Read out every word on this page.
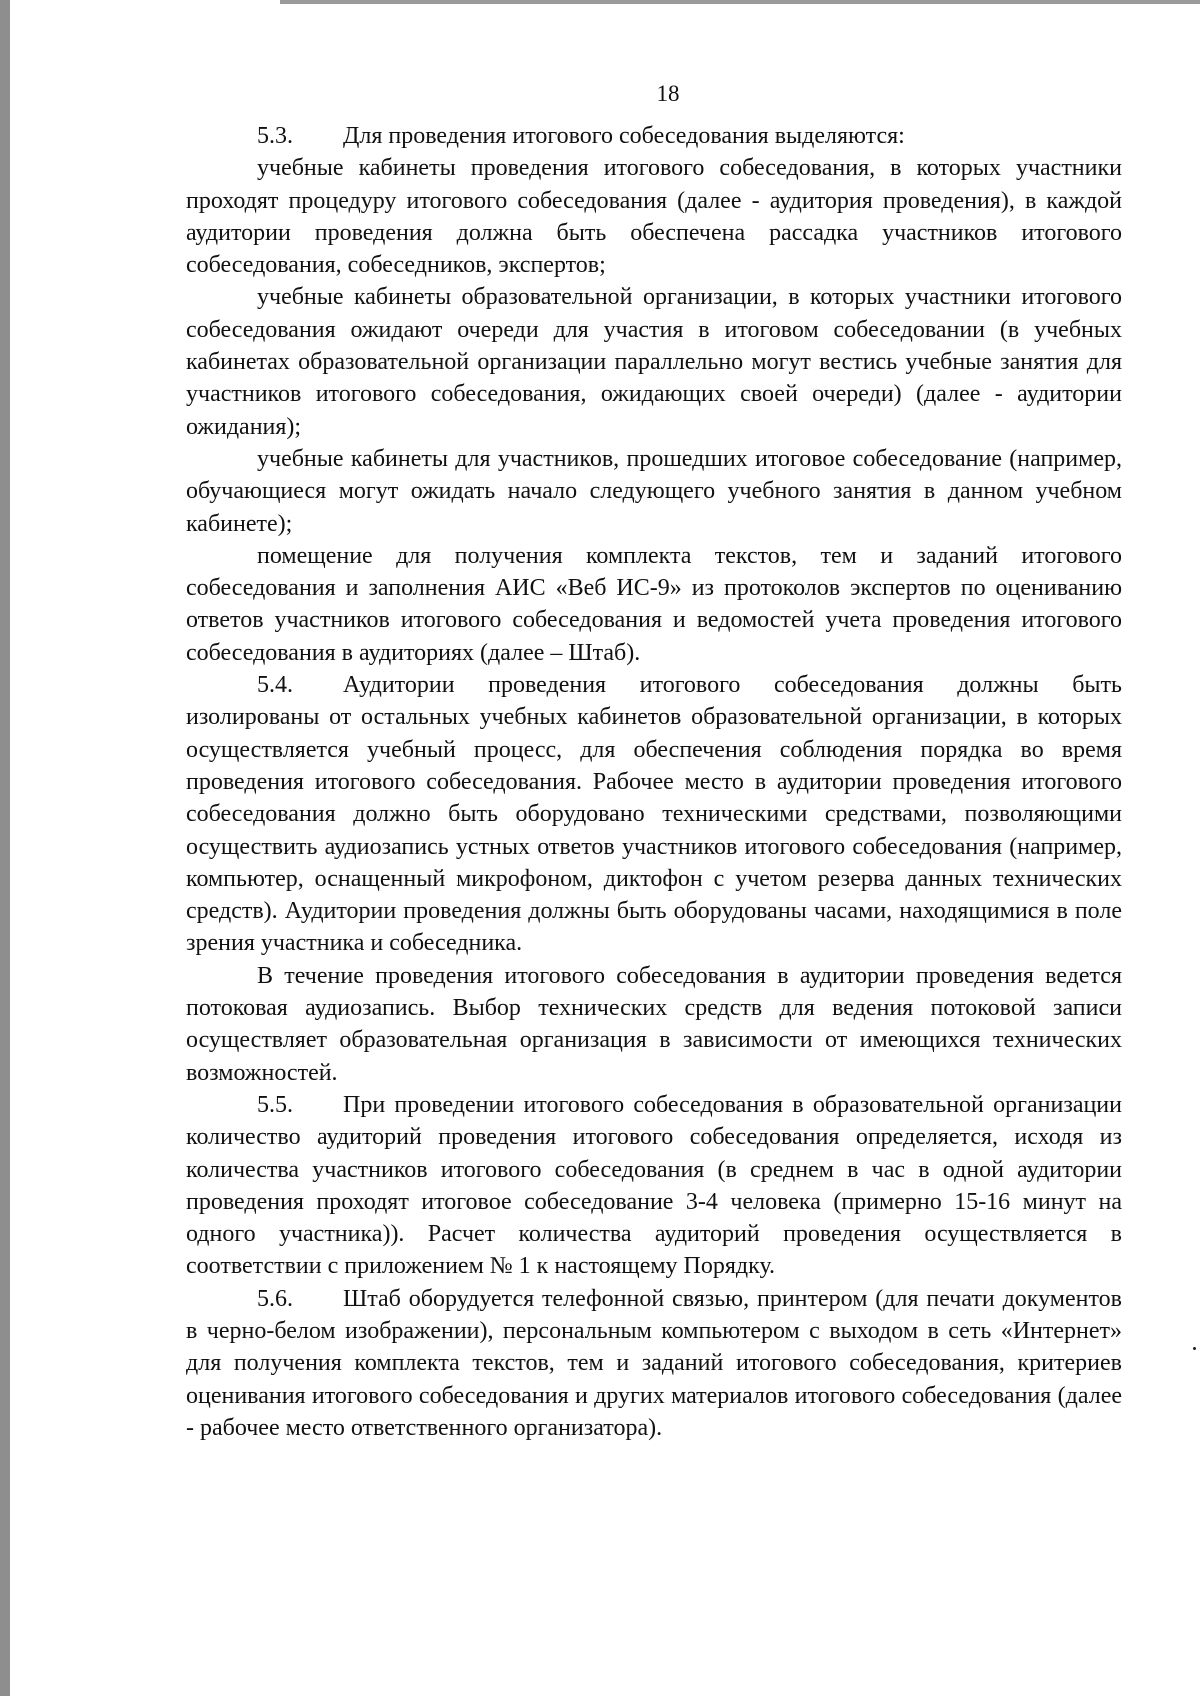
18

5.3. Для проведения итогового собеседования выделяются:

учебные кабинеты проведения итогового собеседования, в которых участники проходят процедуру итогового собеседования (далее - аудитория проведения), в каждой аудитории проведения должна быть обеспечена рассадка участников итогового собеседования, собеседников, экспертов;

учебные кабинеты образовательной организации, в которых участники итогового собеседования ожидают очереди для участия в итоговом собеседовании (в учебных кабинетах образовательной организации параллельно могут вестись учебные занятия для участников итогового собеседования, ожидающих своей очереди) (далее - аудитории ожидания);

учебные кабинеты для участников, прошедших итоговое собеседование (например, обучающиеся могут ожидать начало следующего учебного занятия в данном учебном кабинете);

помещение для получения комплекта текстов, тем и заданий итогового собеседования и заполнения АИС «Веб ИС-9» из протоколов экспертов по оцениванию ответов участников итогового собеседования и ведомостей учета проведения итогового собеседования в аудиториях (далее – Штаб).

5.4. Аудитории проведения итогового собеседования должны быть изолированы от остальных учебных кабинетов образовательной организации, в которых осуществляется учебный процесс, для обеспечения соблюдения порядка во время проведения итогового собеседования. Рабочее место в аудитории проведения итогового собеседования должно быть оборудовано техническими средствами, позволяющими осуществить аудиозапись устных ответов участников итогового собеседования (например, компьютер, оснащенный микрофоном, диктофон с учетом резерва данных технических средств). Аудитории проведения должны быть оборудованы часами, находящимися в поле зрения участника и собеседника.

В течение проведения итогового собеседования в аудитории проведения ведется потоковая аудиозапись. Выбор технических средств для ведения потоковой записи осуществляет образовательная организация в зависимости от имеющихся технических возможностей.

5.5. При проведении итогового собеседования в образовательной организации количество аудиторий проведения итогового собеседования определяется, исходя из количества участников итогового собеседования (в среднем в час в одной аудитории проведения проходят итоговое собеседование 3-4 человека (примерно 15-16 минут на одного участника)). Расчет количества аудиторий проведения осуществляется в соответствии с приложением № 1 к настоящему Порядку.

5.6. Штаб оборудуется телефонной связью, принтером (для печати документов в черно-белом изображении), персональным компьютером с выходом в сеть «Интернет» для получения комплекта текстов, тем и заданий итогового собеседования, критериев оценивания итогового собеседования и других материалов итогового собеседования (далее - рабочее место ответственного организатора).
